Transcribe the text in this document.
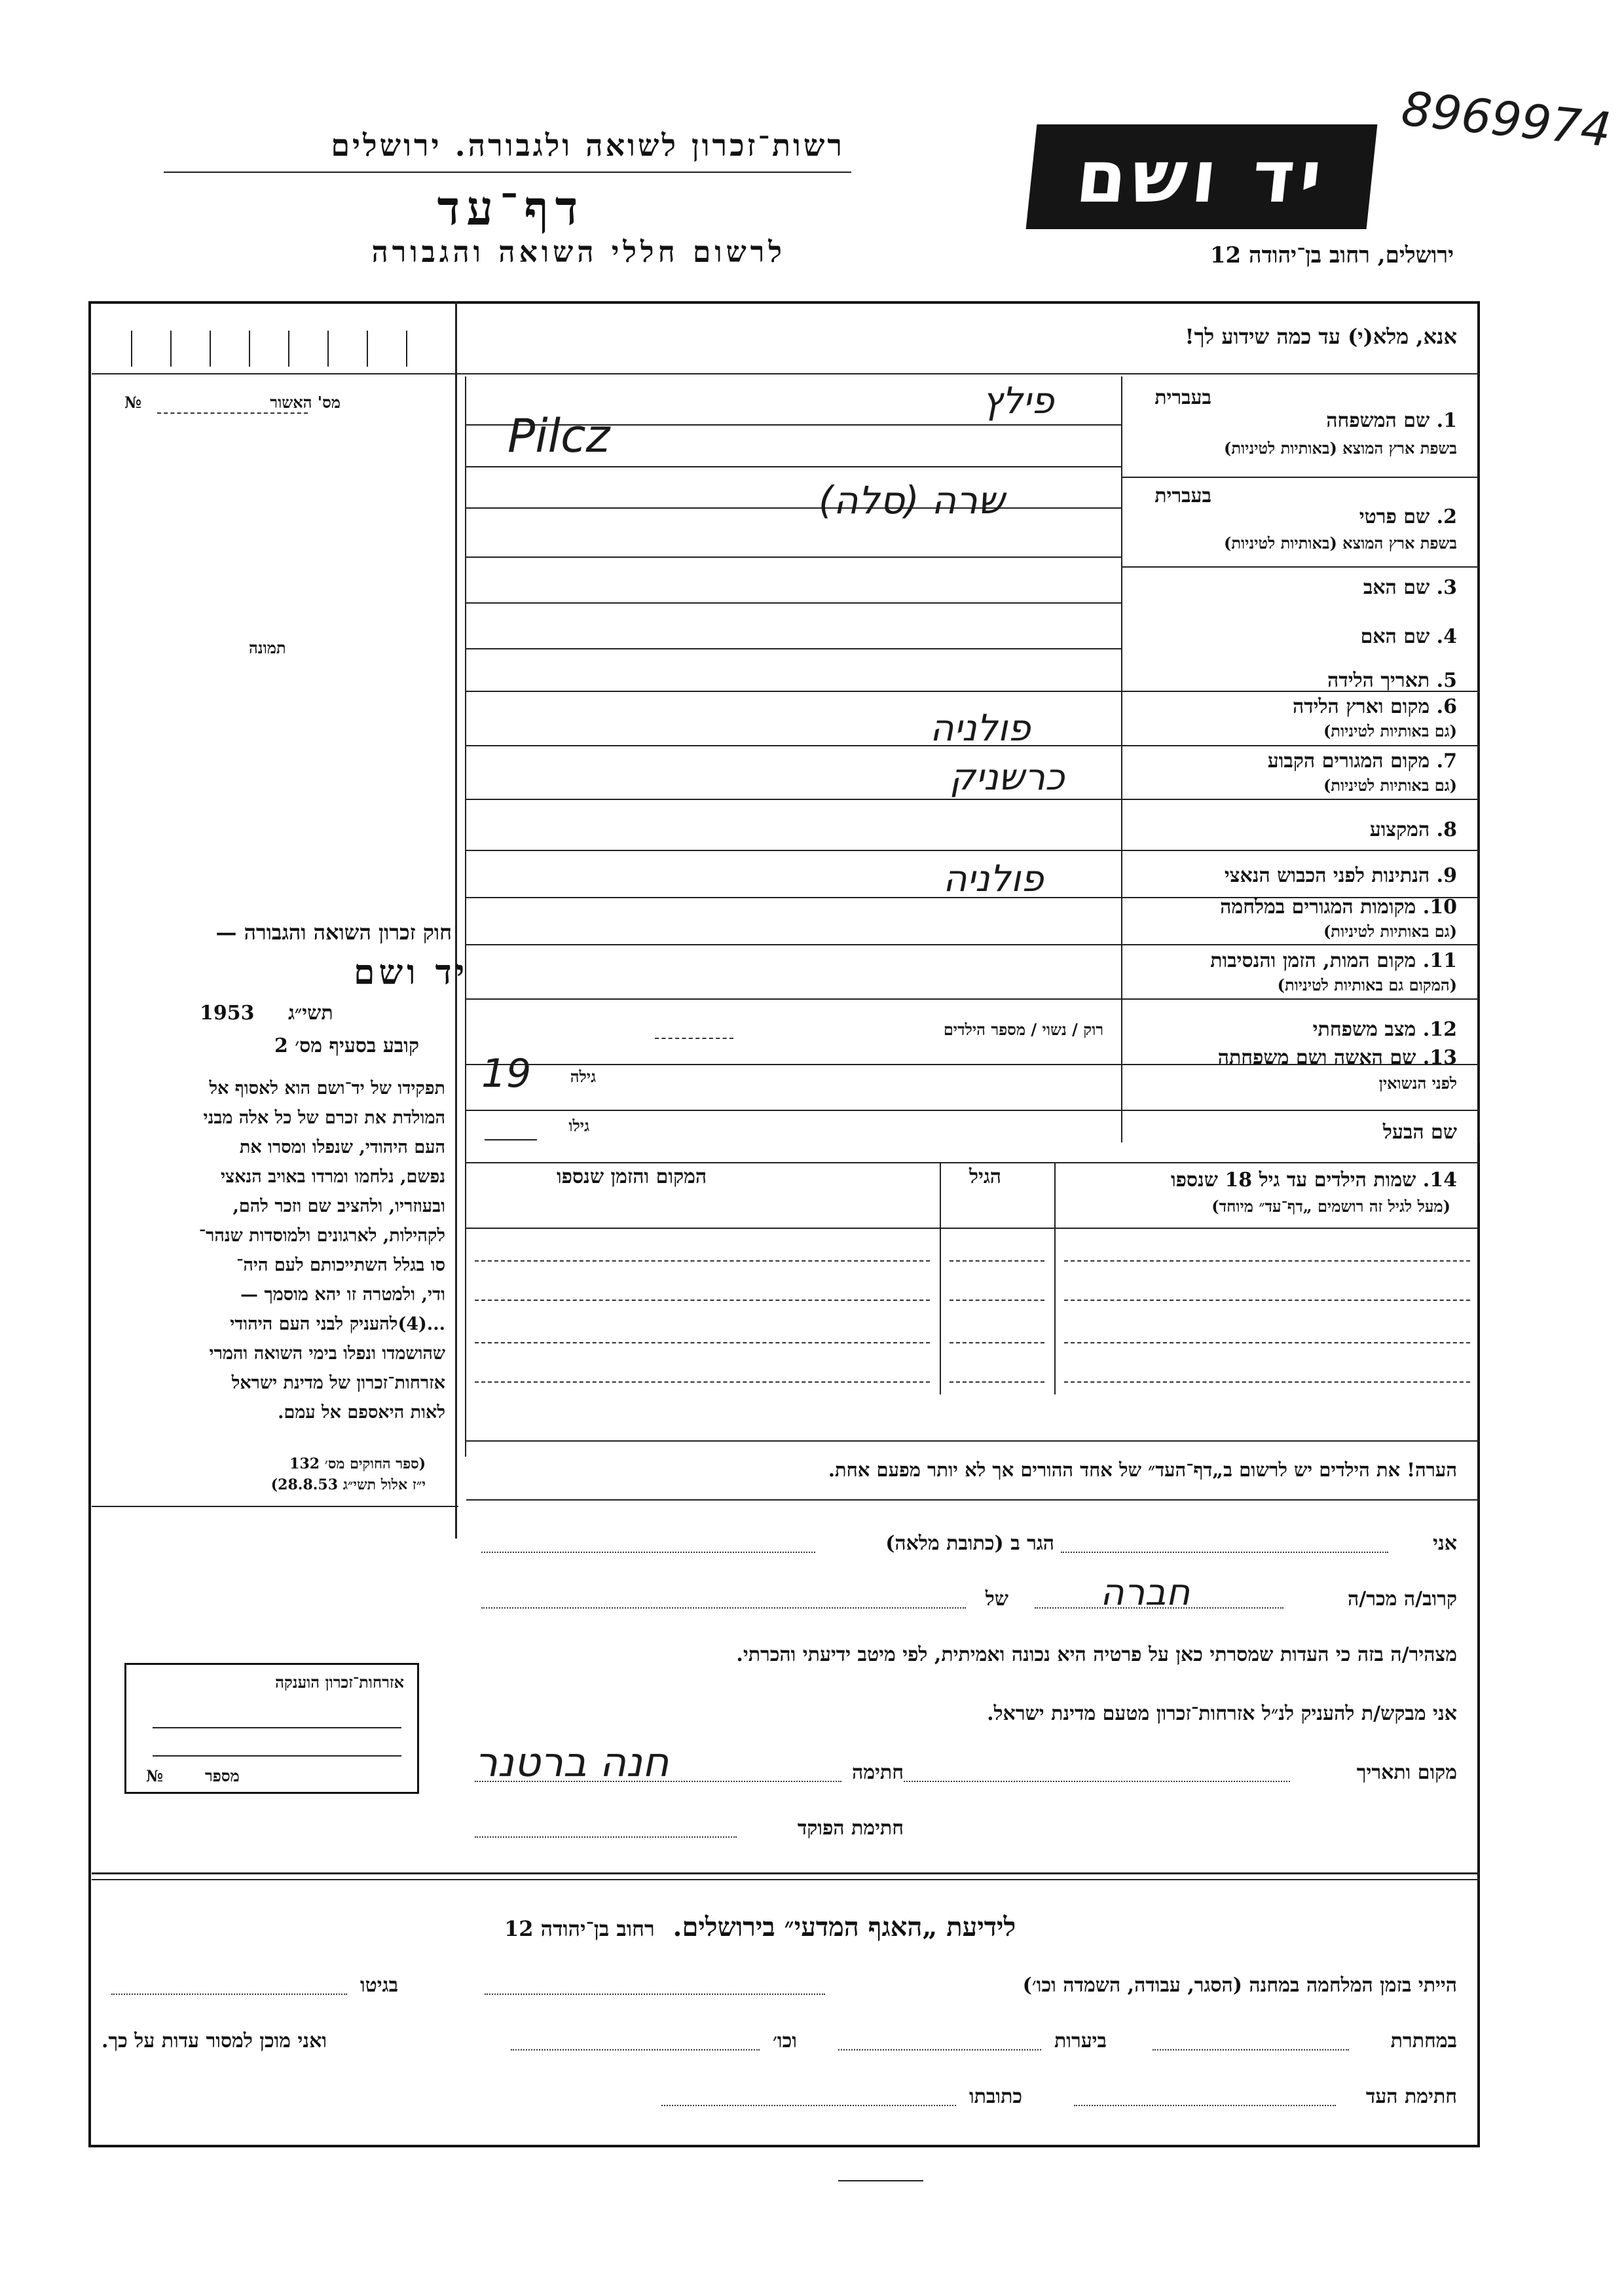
8969974
יד ושם
רשות־זכרון לשואה ולגבורה. ירושלים
דף־עד
לרשום חללי השואה והגבורה	ירושלים, רחוב בן־יהודה 12
אנא, מלא(י) עד כמה שידוע לך!
מס' האשור
№
תמונה
חוק זכרון השואה והגבורה —
יד ושם
תשי״ג
1953
קובע בסעיף מס׳ 2
תפקידו של יד־ושם הוא לאסוף אל
המולדת את זכרם של כל אלה מבני
העם היהודי, שנפלו ומסרו את
נפשם, נלחמו ומרדו באויב הנאצי
ובעוזריו, ולהציב שם וזכר להם,
לקהילות, לארגונים ולמוסדות שנהר־
סו בגלל השתייכותם לעם היה־
ודי, ולמטרה זו יהא מוסמך —
...(4)להעניק לבני העם היהודי
שהושמדו ונפלו בימי השואה והמרי
אזרחות־זכרון של מדינת ישראל
לאות היאספם אל עמם.
(ספר החוקים מס׳ 132
י״ז אלול תשי״ג 28.8.53)
אזרחות־זכרון הוענקה
מספר
№
בעברית
1. שם המשפחה
בשפת ארץ המוצא (באותיות לטיניות)
פילץ
Pilcz
בעברית
2. שם פרטי
בשפת ארץ המוצא (באותיות לטיניות)
שרה (סלה)
3. שם האב
4. שם האם
5. תאריך הלידה
6. מקום וארץ הלידה
(גם באותיות לטיניות)
פולניה
7. מקום המגורים הקבוע
(גם באותיות לטיניות)
כרשניק
8. המקצוע
9. הנתינות לפני הכבוש הנאצי
פולניה
10. מקומות המגורים במלחמה
(גם באותיות לטיניות)
11. מקום המות, הזמן והנסיבות
(המקום גם באותיות לטיניות)
12. מצב משפחתי
רוק / נשוי / מספר הילדים
13. שם האשה ושם משפחתה
לפני הנשואין
גילה
19
שם הבעל
גילו
14. שמות הילדים עד גיל 18 שנספו
(מעל לגיל זה רושמים „דף־עד״ מיוחד)
הגיל
המקום והזמן שנספו
הערה! את הילדים יש לרשום ב„דף־העד״ של אחד ההורים אך לא יותר מפעם אחת.
אני
הגר ב (כתובת מלאה)
קרוב/ה מכר/ה
חברה
של
מצהיר/ה בזה כי העדות שמסרתי כאן על פרטיה היא נכונה ואמיתית, לפי מיטב ידיעתי והכרתי.
אני מבקש/ת להעניק לנ״ל אזרחות־זכרון מטעם מדינת ישראל.
מקום ותאריך
חתימה
חנה ברטנר
חתימת הפוקד
לידיעת „האגף המדעי״ בירושלים.  רחוב בן־יהודה 12
הייתי בזמן המלחמה במחנה (הסגר, עבודה, השמדה וכו׳)
בגיטו
במחתרת
ביערות
וכו׳
ואני מוכן למסור עדות על כך.
חתימת העד
כתובתו
